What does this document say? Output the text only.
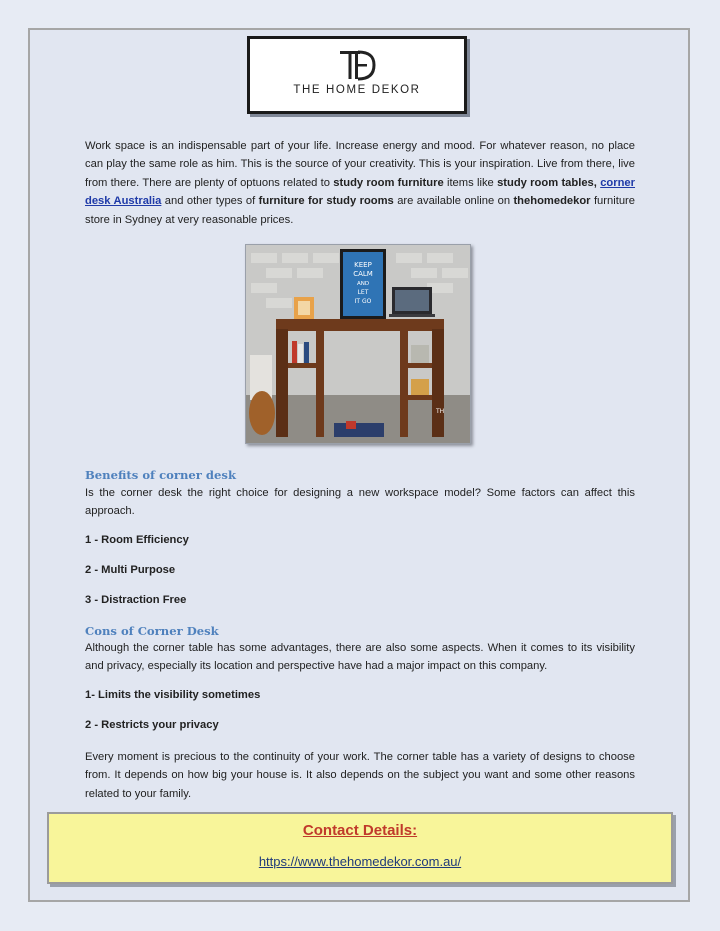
THE HOME DEKOR

Work space is an indispensable part of your life. Increase energy and mood. For whatever reason, no place can play the same role as him. This is the source of your creativity. This is your inspiration. Live from there, live from there. There are plenty of optuons related to study room furniture items like study room tables, corner desk Australia and other types of furniture for study rooms are available online on thehomedekor furniture store in Sydney at very reasonable prices.

KEEP
CALM
AND
LET
IT GO
TH

Benefits of corner desk

Is the corner desk the right choice for designing a new workspace model? Some factors can affect this approach.

1 - Room Efficiency

2 - Multi Purpose

3 - Distraction Free

Cons of Corner Desk

Although the corner table has some advantages, there are also some aspects. When it comes to its visibility and privacy, especially its location and perspective have had a major impact on this company.

1- Limits the visibility sometimes

2 - Restricts your privacy

Every moment is precious to the continuity of your work. The corner table has a variety of designs to choose from. It depends on how big your house is. It also depends on the subject you want and some other reasons related to your family.

Contact Details:
https://www.thehomedekor.com.au/
